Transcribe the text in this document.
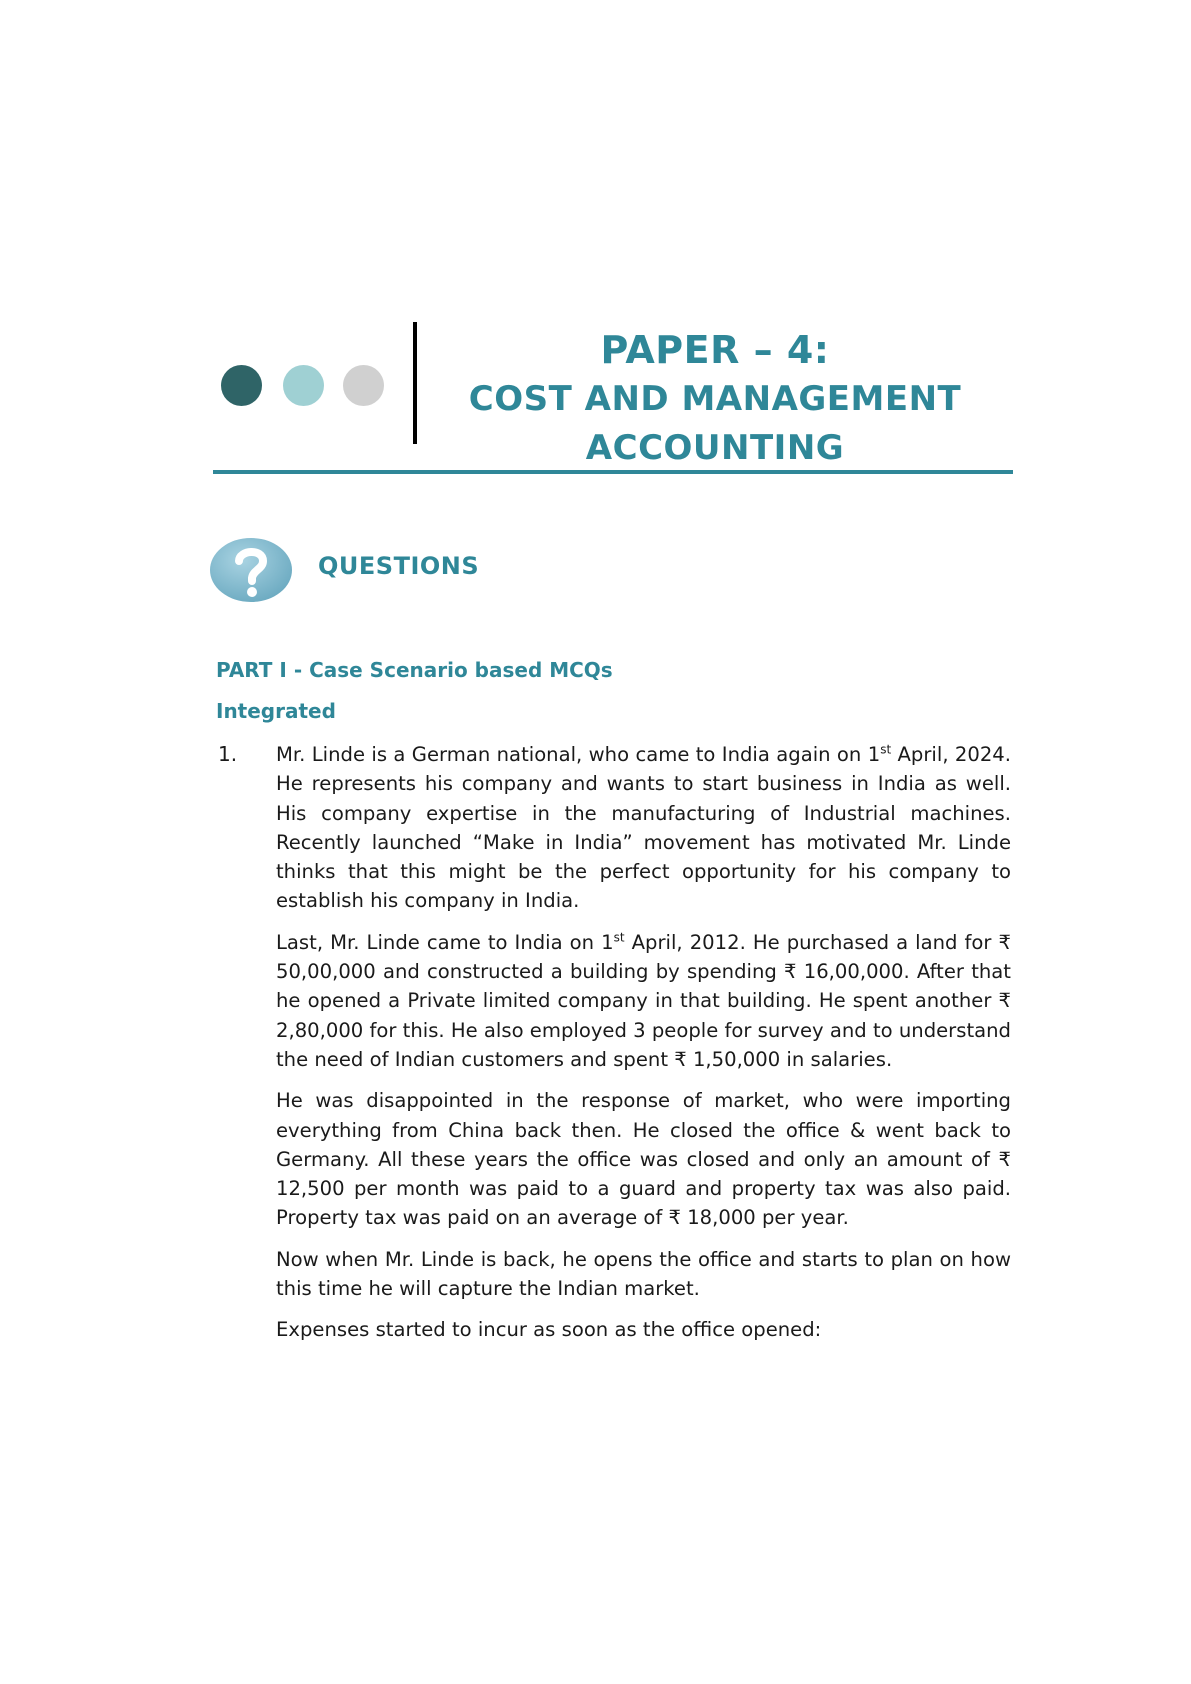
PAPER – 4:
COST AND MANAGEMENT
ACCOUNTING
QUESTIONS
PART I - Case Scenario based MCQs
Integrated
1. Mr. Linde is a German national, who came to India again on 1st April, 2024. He represents his company and wants to start business in India as well. His company expertise in the manufacturing of Industrial machines. Recently launched “Make in India” movement has motivated Mr. Linde thinks that this might be the perfect opportunity for his company to establish his company in India.

Last, Mr. Linde came to India on 1st April, 2012. He purchased a land for ₹ 50,00,000 and constructed a building by spending ₹ 16,00,000. After that he opened a Private limited company in that building. He spent another ₹ 2,80,000 for this. He also employed 3 people for survey and to understand the need of Indian customers and spent ₹ 1,50,000 in salaries.

He was disappointed in the response of market, who were importing everything from China back then. He closed the office & went back to Germany. All these years the office was closed and only an amount of ₹ 12,500 per month was paid to a guard and property tax was also paid. Property tax was paid on an average of ₹ 18,000 per year.

Now when Mr. Linde is back, he opens the office and starts to plan on how this time he will capture the Indian market.

Expenses started to incur as soon as the office opened:
